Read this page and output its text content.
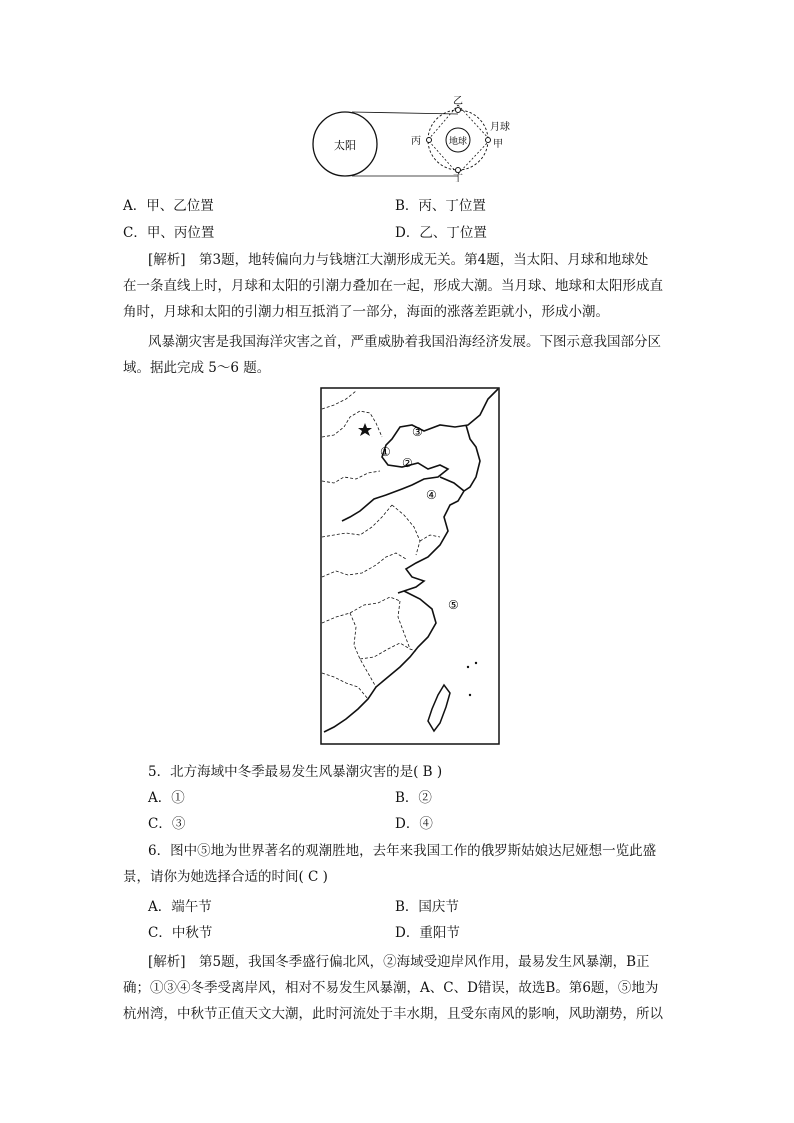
太阳	地球
乙
月球
甲
丙
丁
A．甲、乙位置	B．丙、丁位置
C．甲、丙位置	D．乙、丁位置
[解析]　第3题，地转偏向力与钱塘江大潮形成无关。第4题，当太阳、月球和地球处
在一条直线上时，月球和太阳的引潮力叠加在一起，形成大潮。当月球、地球和太阳形成直
角时，月球和太阳的引潮力相互抵消了一部分，海面的涨落差距就小，形成小潮。
风暴潮灾害是我国海洋灾害之首，严重威胁着我国沿海经济发展。下图示意我国部分区
域。据此完成 5～6 题。
①
②
③
④
⑤
5．北方海域中冬季最易发生风暴潮灾害的是( B )
A．①	B．②
C．③	D．④
6．图中⑤地为世界著名的观潮胜地，去年来我国工作的俄罗斯姑娘达尼娅想一览此盛
景，请你为她选择合适的时间( C )
A．端午节	B．国庆节
C．中秋节	D．重阳节
[解析]　第5题，我国冬季盛行偏北风，②海域受迎岸风作用，最易发生风暴潮，B正
确；①③④冬季受离岸风，相对不易发生风暴潮，A、C、D错误，故选B。第6题，⑤地为
杭州湾，中秋节正值天文大潮，此时河流处于丰水期，且受东南风的影响，风助潮势，所以
